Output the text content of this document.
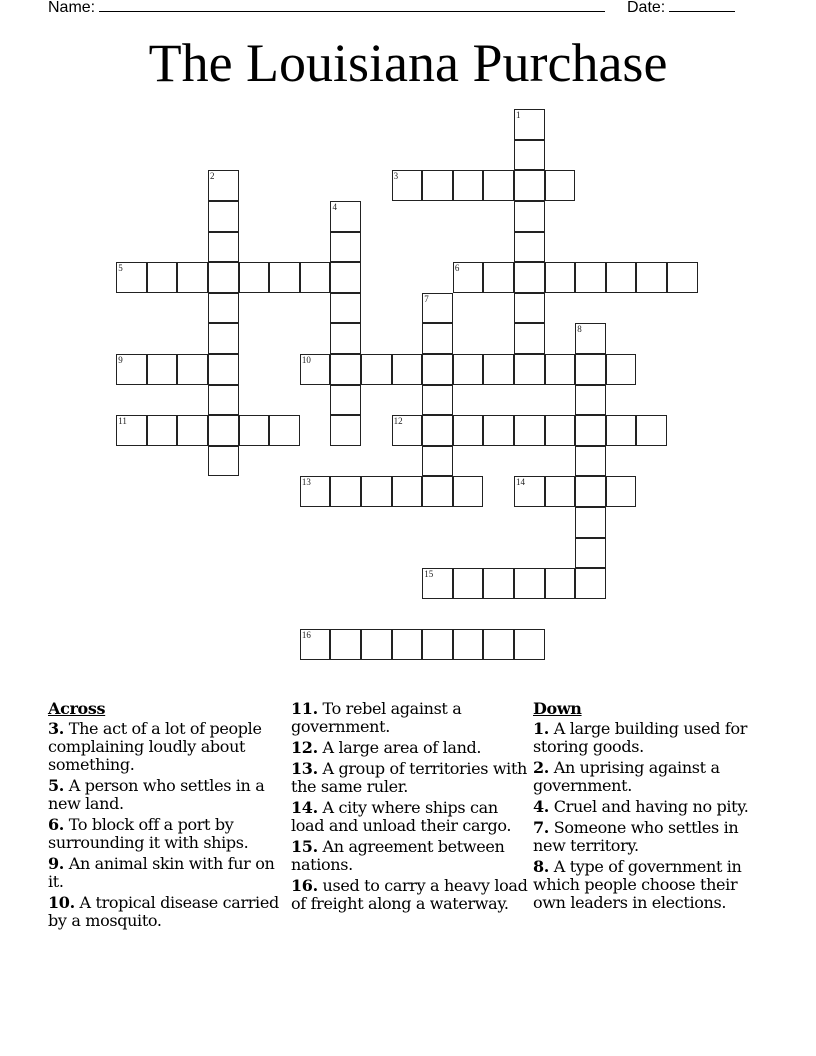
Name:	Date:
The Louisiana Purchase
1
2	3
4
5	6
7
8
9	10
11	12
13	14
15
16
Across
3. The act of a lot of people complaining loudly about something.
5. A person who settles in a new land.
6. To block off a port by surrounding it with ships.
9. An animal skin with fur on it.
10. A tropical disease carried by a mosquito.
11. To rebel against a government.
12. A large area of land.
13. A group of territories with the same ruler.
14. A city where ships can load and unload their cargo.
15. An agreement between nations.
16. used to carry a heavy load of freight along a waterway.
Down
1. A large building used for storing goods.
2. An uprising against a government.
4. Cruel and having no pity.
7. Someone who settles in new territory.
8. A type of government in which people choose their own leaders in elections.
